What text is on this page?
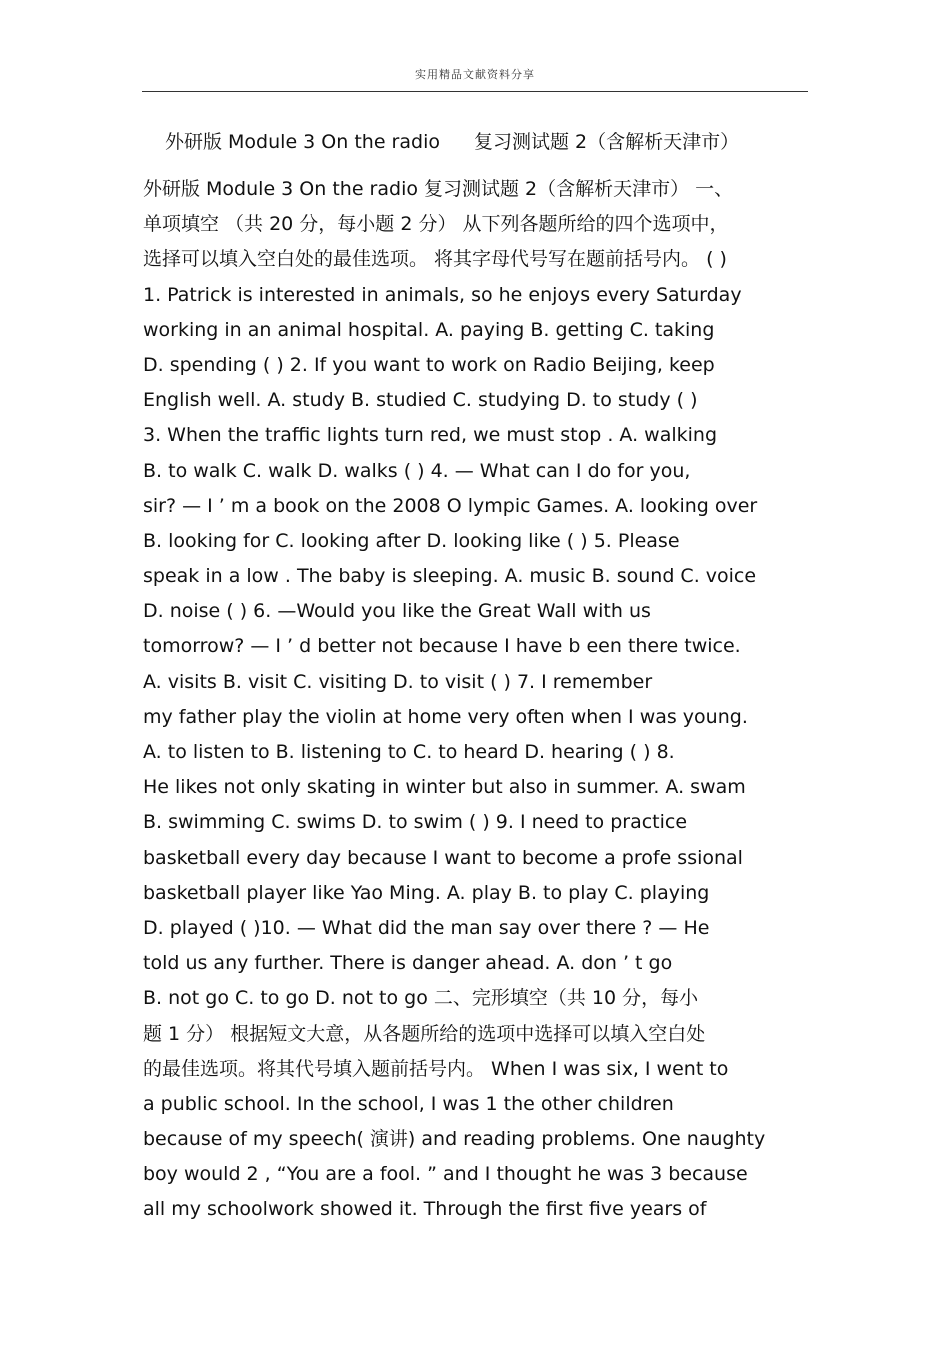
实用精品文献资料分享
外研版 Module 3 On the radio 复习测试题 2（含解析天津市）
外研版 Module 3 On the radio 复习测试题 2（含解析天津市） 一、
单项填空 （共 20 分，每小题 2 分） 从下列各题所给的四个选项中，
选择可以填入空白处的最佳选项。 将其字母代号写在题前括号内。 ( )
1. Patrick is interested in animals, so he enjoys every Saturday
working in an animal hospital. A. paying B. getting C. taking
D. spending ( ) 2. If you want to work on Radio Beijing, keep
English well. A. study B. studied C. studying D. to study ( )
3. When the traffic lights turn red, we must stop . A. walking
B. to walk C. walk D. walks ( ) 4. — What can I do for you,
sir? — I ’ m a book on the 2008 O lympic Games. A. looking over
B. looking for C. looking after D. looking like ( ) 5. Please
speak in a low . The baby is sleeping. A. music B. sound C. voice
D. noise ( ) 6. —Would you like the Great Wall with us
tomorrow? — I ’ d better not because I have b een there twice.
A. visits B. visit C. visiting D. to visit ( ) 7. I remember
my father play the violin at home very often when I was young.
A. to listen to B. listening to C. to heard D. hearing ( ) 8.
He likes not only skating in winter but also in summer. A. swam
B. swimming C. swims D. to swim ( ) 9. I need to practice
basketball every day because I want to become a profe ssional
basketball player like Yao Ming. A. play B. to play C. playing
D. played ( )10. — What did the man say over there ? — He
told us any further. There is danger ahead. A. don ’ t go
B. not go C. to go D. not to go 二、完形填空（共 10 分，每小
题 1 分） 根据短文大意，从各题所给的选项中选择可以填入空白处
的最佳选项。将其代号填入题前括号内。 When I was six, I went to
a public school. In the school, I was 1 the other children
because of my speech( 演讲) and reading problems. One naughty
boy would 2 , “You are a fool. ” and I thought he was 3 because
all my schoolwork showed it. Through the first five years of
